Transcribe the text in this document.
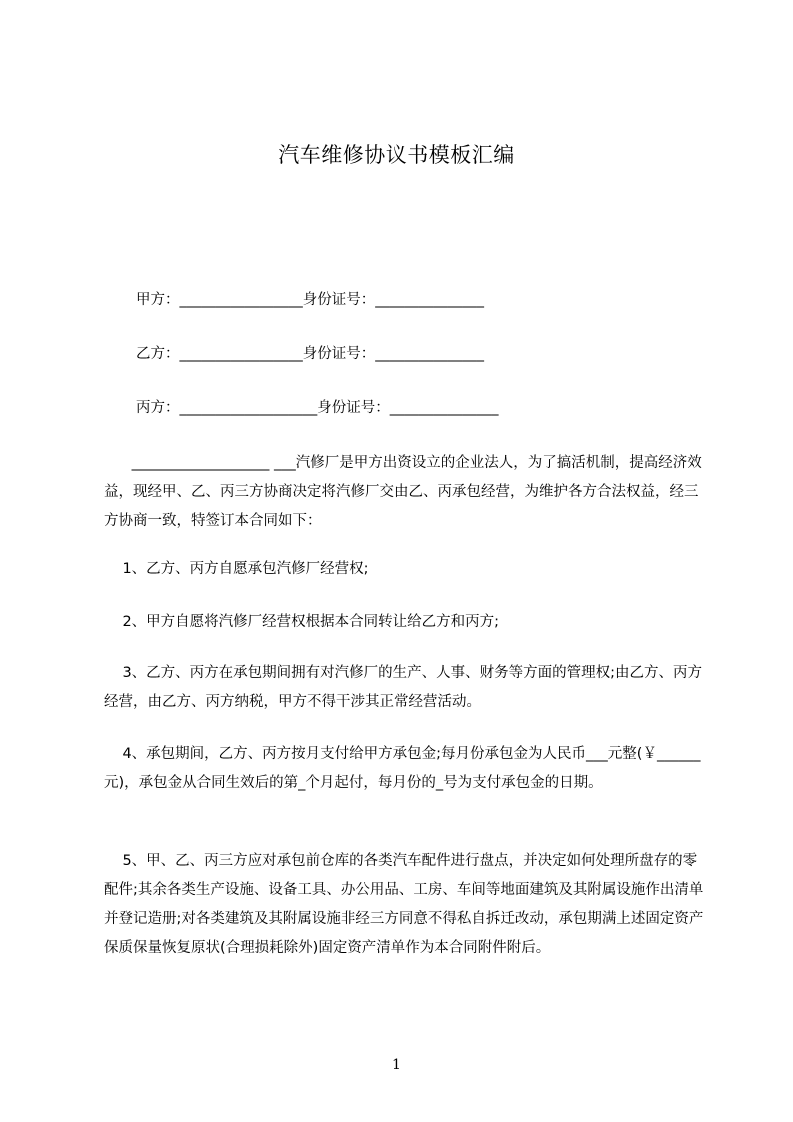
汽车维修协议书模板汇编
甲方：_________________身份证号：_______________
乙方：_________________身份证号：_______________
丙方：___________________身份证号：_______________
___________________ ___汽修厂是甲方出资设立的企业法人，为了搞活机制，提高经济效益，现经甲、乙、丙三方协商决定将汽修厂交由乙、丙承包经营，为维护各方合法权益，经三方协商一致，特签订本合同如下：
1、乙方、丙方自愿承包汽修厂经营权;
2、甲方自愿将汽修厂经营权根据本合同转让给乙方和丙方;
3、乙方、丙方在承包期间拥有对汽修厂的生产、人事、财务等方面的管理权;由乙方、丙方经营，由乙方、丙方纳税，甲方不得干涉其正常经营活动。
4、承包期间，乙方、丙方按月支付给甲方承包金;每月份承包金为人民币___元整(￥______元)，承包金从合同生效后的第_个月起付，每月份的_号为支付承包金的日期。
5、甲、乙、丙三方应对承包前仓库的各类汽车配件进行盘点，并决定如何处理所盘存的零配件;其余各类生产设施、设备工具、办公用品、工房、车间等地面建筑及其附属设施作出清单并登记造册;对各类建筑及其附属设施非经三方同意不得私自拆迁改动，承包期满上述固定资产保质保量恢复原状(合理损耗除外)固定资产清单作为本合同附件附后。
1
